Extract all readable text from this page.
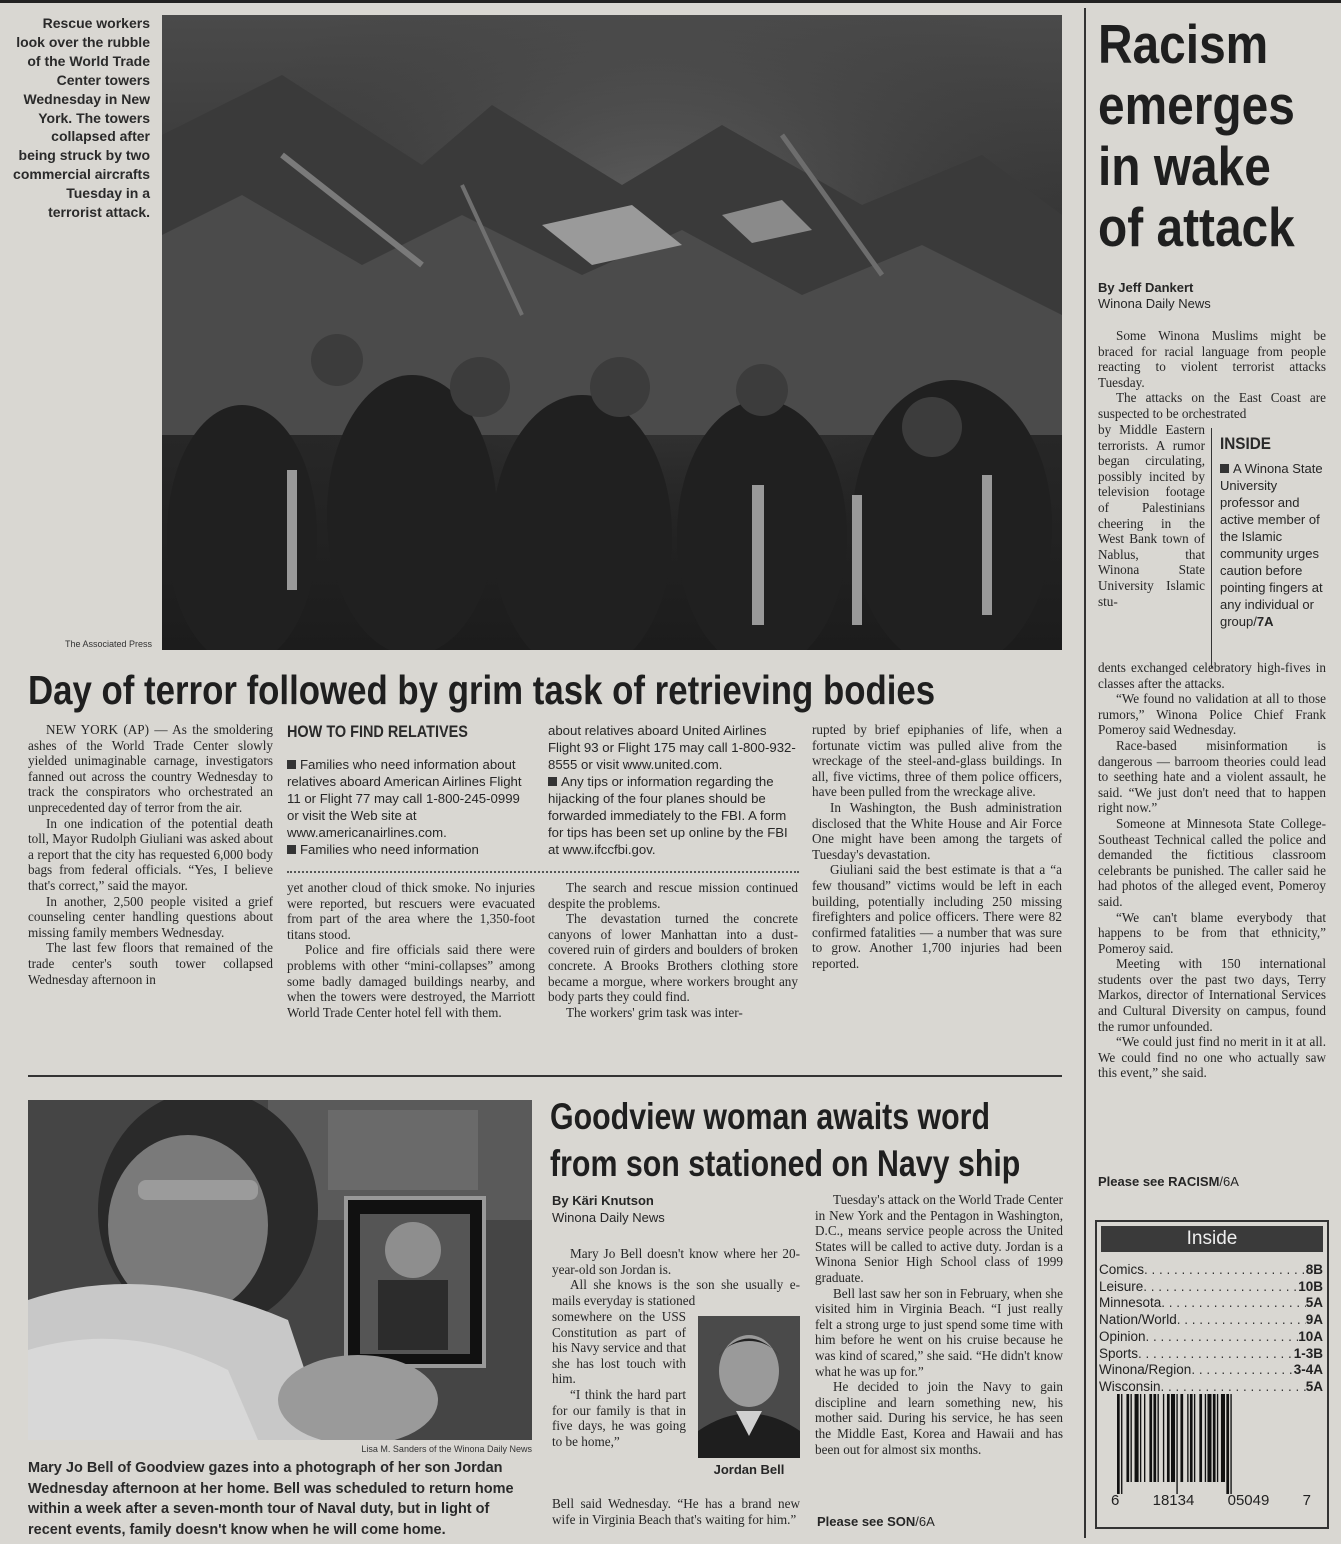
Rescue workers look over the rubble of the World Trade Center towers Wednesday in New York. The towers collapsed after being struck by two commercial aircrafts Tuesday in a terrorist attack.
The Associated Press
Day of terror followed by grim task of retrieving bodies

NEW YORK (AP) — As the smoldering ashes of the World Trade Center slowly yielded unimaginable carnage, investigators fanned out across the country Wednesday to track the conspirators who orchestrated an unprecedented day of terror from the air.

In one indication of the potential death toll, Mayor Rudolph Giuliani was asked about a report that the city has requested 6,000 body bags from federal officials. “Yes, I believe that's correct,” said the mayor.

In another, 2,500 people visited a grief counseling center handling questions about missing family members Wednesday.

The last few floors that remained of the trade center's south tower collapsed Wednesday afternoon in

HOW TO FIND RELATIVES
Families who need information about relatives aboard American Airlines Flight 11 or Flight 77 may call 1-800-245-0999 or visit the Web site at www.americanairlines.com.
Families who need information
about relatives aboard United Airlines Flight 93 or Flight 175 may call 1-800-932-8555 or visit www.united.com.
Any tips or information regarding the hijacking of the four planes should be forwarded immediately to the FBI. A form for tips has been set up online by the FBI at www.ifccfbi.gov.

yet another cloud of thick smoke. No injuries were reported, but rescuers were evacuated from part of the area where the 1,350-foot titans stood.

Police and fire officials said there were problems with other “mini-collapses” among some badly damaged buildings nearby, and when the towers were destroyed, the Marriott World Trade Center hotel fell with them.

The search and rescue mission continued despite the problems.

The devastation turned the concrete canyons of lower Manhattan into a dust-covered ruin of girders and boulders of broken concrete. A Brooks Brothers clothing store became a morgue, where workers brought any body parts they could find.

The workers' grim task was inter-

rupted by brief epiphanies of life, when a fortunate victim was pulled alive from the wreckage of the steel-and-glass buildings. In all, five victims, three of them police officers, have been pulled from the wreckage alive.

In Washington, the Bush administration disclosed that the White House and Air Force One might have been among the targets of Tuesday's devastation.

Giuliani said the best estimate is that a “a few thousand” victims would be left in each building, potentially including 250 missing firefighters and police officers. There were 82 confirmed fatalities — a number that was sure to grow. Another 1,700 injuries had been reported.

Racism
emerges
in wake
of attack
By Jeff Dankert
Winona Daily News

Some Winona Muslims might be braced for racial language from people reacting to violent terrorist attacks Tuesday.

The attacks on the East Coast are suspected to be orchestrated

by Middle Eastern terrorists. A rumor began circulating, possibly incited by television footage of Palestinians cheering in the West Bank town of Nablus, that Winona State University Islamic stu-

INSIDE
A Winona State University professor and active member of the Islamic community urges caution before pointing fingers at any individual or group/7A

dents exchanged celebratory high-fives in classes after the attacks.

“We found no validation at all to those rumors,” Winona Police Chief Frank Pomeroy said Wednesday.

Race-based misinformation is dangerous — barroom theories could lead to seething hate and a violent assault, he said. “We just don't need that to happen right now.”

Someone at Minnesota State College-Southeast Technical called the police and demanded the fictitious classroom celebrants be punished. The caller said he had photos of the alleged event, Pomeroy said.

“We can't blame everybody that happens to be from that ethnicity,” Pomeroy said.

Meeting with 150 international students over the past two days, Terry Markos, director of International Services and Cultural Diversity on campus, found the rumor unfounded.

“We could just find no merit in it at all. We could find no one who actually saw this event,” she said.

Please see RACISM/6A
Inside
Comics . . .	8B
Leisure . . .	10B
Minnesota . . .	5A
Nation/World . . .	9A
Opinion . . .	10A
Sports . . .	1-3B
Winona/Region . . .	3-4A
Wisconsin . . .	5A
6 18134 05049 7
Lisa M. Sanders of the Winona Daily News
Mary Jo Bell of Goodview gazes into a photograph of her son Jordan Wednesday afternoon at her home. Bell was scheduled to return home within a week after a seven-month tour of Naval duty, but in light of recent events, family doesn't know when he will come home.
Goodview woman awaits word
from son stationed on Navy ship
By Käri Knutson
Winona Daily News

Mary Jo Bell doesn't know where her 20-year-old son Jordan is.

All she knows is the son she usually e-mails everyday is stationed

somewhere on the USS Constitution as part of his Navy service and that she has lost touch with him.

“I think the hard part for our family is that in five days, he was going to be home,”

Bell said Wednesday. “He has a brand new wife in Virginia Beach that's waiting for him.”

Jordan Bell

Tuesday's attack on the World Trade Center in New York and the Pentagon in Washington, D.C., means service people across the United States will be called to active duty. Jordan is a Winona Senior High School class of 1999 graduate.

Bell last saw her son in February, when she visited him in Virginia Beach. “I just really felt a strong urge to just spend some time with him before he went on his cruise because he was kind of scared,” she said. “He didn't know what he was up for.”

He decided to join the Navy to gain discipline and learn something new, his mother said. During his service, he has seen the Middle East, Korea and Hawaii and has been out for almost six months.

Please see SON/6A
